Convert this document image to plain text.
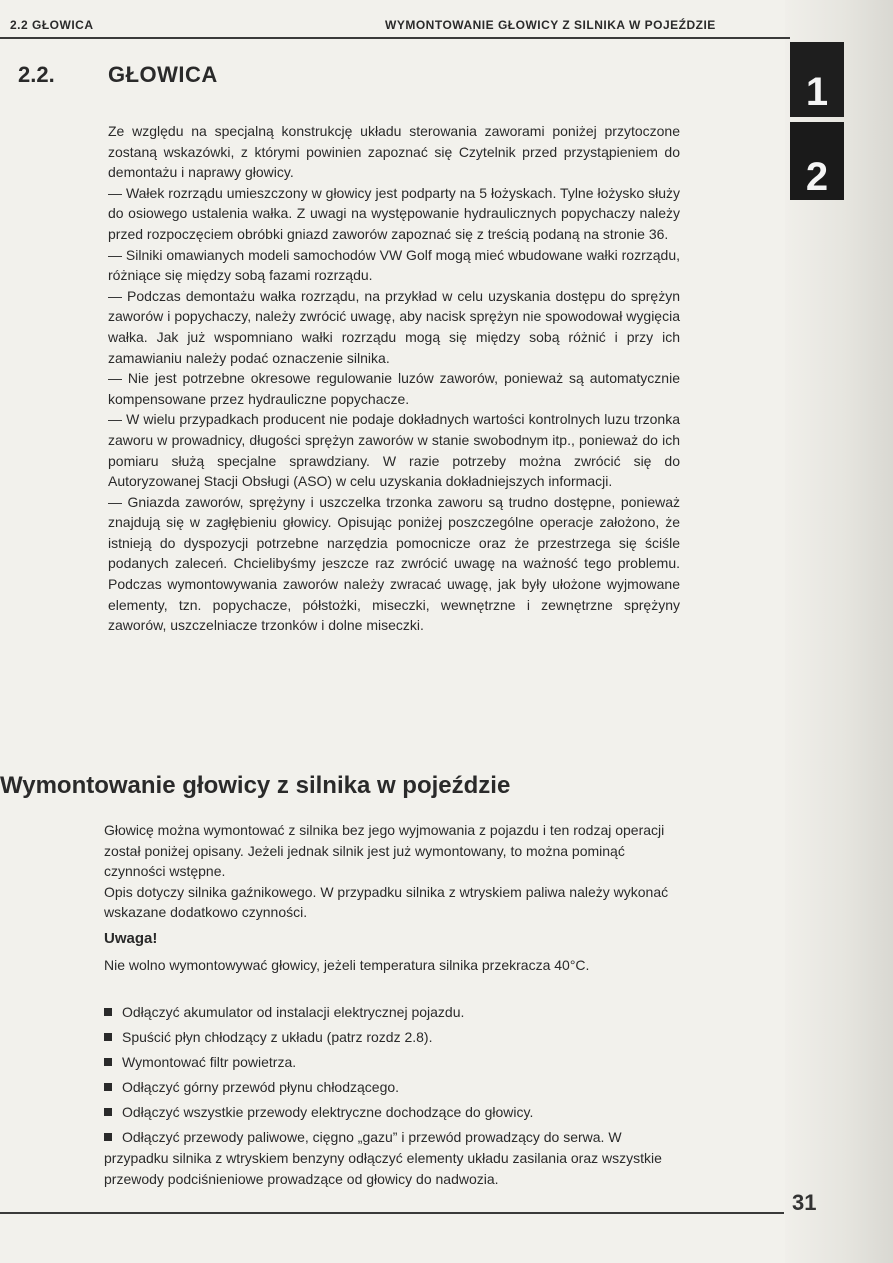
2.2 GŁOWICA	WYMONTOWANIE GŁOWICY Z SILNIKA W POJEŹDZIE
1
2
2.2. GŁOWICA

Ze względu na specjalną konstrukcję układu sterowania zaworami poniżej przytoczone zostaną wskazówki, z którymi powinien zapoznać się Czytelnik przed przystąpieniem do demontażu i naprawy głowicy.

— Wałek rozrządu umieszczony w głowicy jest podparty na 5 łożyskach. Tylne łożysko służy do osiowego ustalenia wałka. Z uwagi na występowanie hydraulicznych popychaczy należy przed rozpoczęciem obróbki gniazd zaworów zapoznać się z treścią podaną na stronie 36.

— Silniki omawianych modeli samochodów VW Golf mogą mieć wbudowane wałki rozrządu, różniące się między sobą fazami rozrządu.

— Podczas demontażu wałka rozrządu, na przykład w celu uzyskania dostępu do sprężyn zaworów i popychaczy, należy zwrócić uwagę, aby nacisk sprężyn nie spowodował wygięcia wałka. Jak już wspomniano wałki rozrządu mogą się między sobą różnić i przy ich zamawianiu należy podać oznaczenie silnika.

— Nie jest potrzebne okresowe regulowanie luzów zaworów, ponieważ są automatycznie kompensowane przez hydrauliczne popychacze.

— W wielu przypadkach producent nie podaje dokładnych wartości kontrolnych luzu trzonka zaworu w prowadnicy, długości sprężyn zaworów w stanie swobodnym itp., ponieważ do ich pomiaru służą specjalne sprawdziany. W razie potrzeby można zwrócić się do Autoryzowanej Stacji Obsługi (ASO) w celu uzyskania dokładniejszych informacji.

— Gniazda zaworów, sprężyny i uszczelka trzonka zaworu są trudno dostępne, ponieważ znajdują się w zagłębieniu głowicy. Opisując poniżej poszczególne operacje założono, że istnieją do dyspozycji potrzebne narzędzia pomocnicze oraz że przestrzega się ściśle podanych zaleceń. Chcielibyśmy jeszcze raz zwrócić uwagę na ważność tego problemu. Podczas wymontowywania zaworów należy zwracać uwagę, jak były ułożone wyjmowane elementy, tzn. popychacze, półstożki, miseczki, wewnętrzne i zewnętrzne sprężyny zaworów, uszczelniacze trzonków i dolne miseczki.

Wymontowanie głowicy z silnika w pojeździe

Głowicę można wymontować z silnika bez jego wyjmowania z pojazdu i ten rodzaj operacji został poniżej opisany. Jeżeli jednak silnik jest już wymontowany, to można pominąć czynności wstępne.

Opis dotyczy silnika gaźnikowego. W przypadku silnika z wtryskiem paliwa należy wykonać wskazane dodatkowo czynności.

Uwaga!
Nie wolno wymontowywać głowicy, jeżeli temperatura silnika przekracza 40°C.
Odłączyć akumulator od instalacji elektrycznej pojazdu.
Spuścić płyn chłodzący z układu (patrz rozdz 2.8).
Wymontować filtr powietrza.
Odłączyć górny przewód płynu chłodzącego.
Odłączyć wszystkie przewody elektryczne dochodzące do głowicy.
Odłączyć przewody paliwowe, cięgno „gazu” i przewód prowadzący do serwa. W przypadku silnika z wtryskiem benzyny odłączyć elementy układu zasilania oraz wszystkie przewody podciśnieniowe prowadzące od głowicy do nadwozia.
31
